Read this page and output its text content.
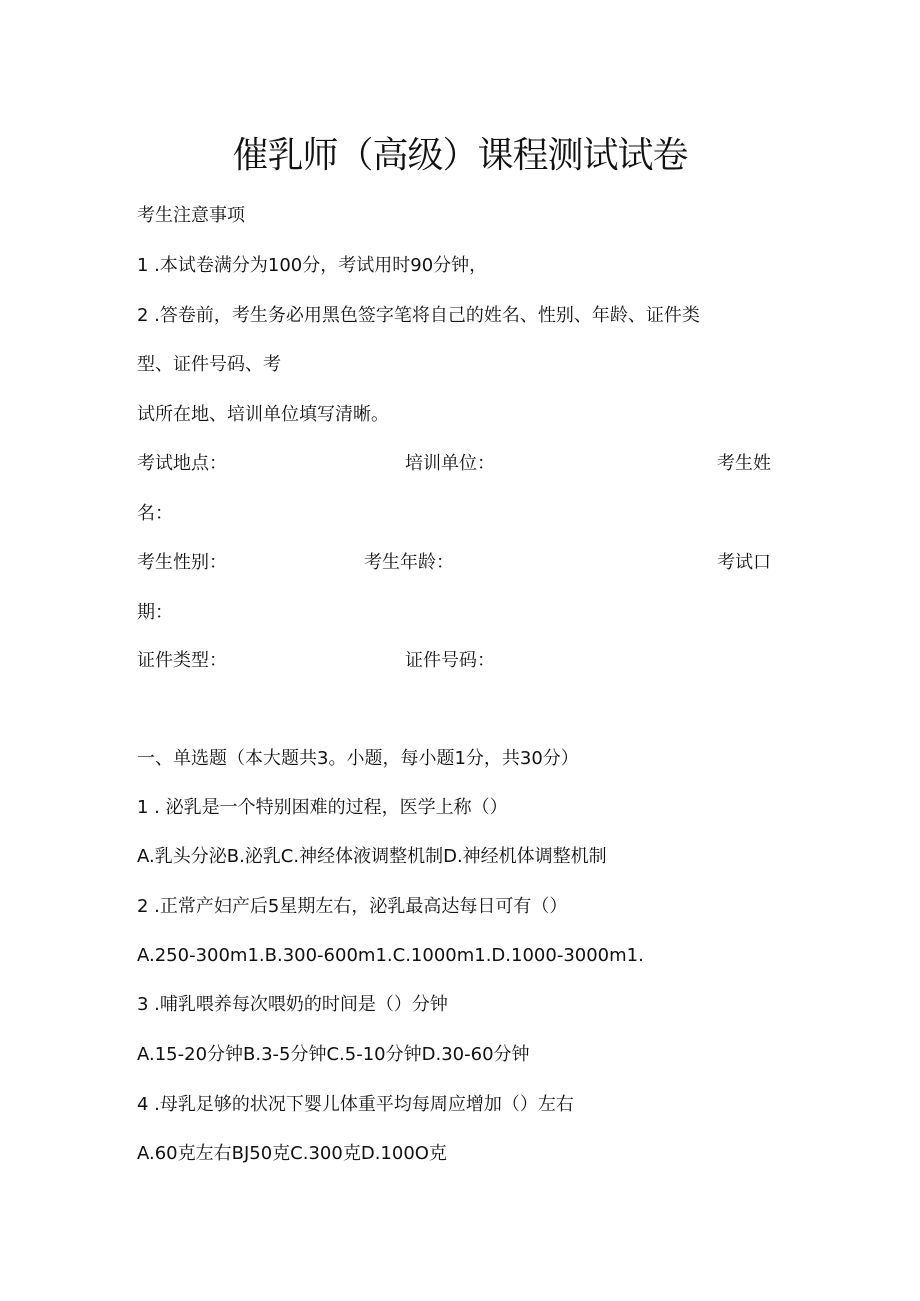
催乳师（高级）课程测试试卷

考生注意事项

1 .本试卷满分为100分，考试用时90分钟，

2 .答卷前，考生务必用黑色签字笔将自己的姓名、性别、年龄、证件类

型、证件号码、考

试所在地、培训单位填写清晰。

考试地点：	培训单位：	考生姓

名：

考生性别：	考生年龄：	考试口

期：

证件类型：	证件号码：

一、单选题（本大题共3。小题，每小题1分，共30分）

1 . 泌乳是一个特别困难的过程，医学上称（）

A.乳头分泌B.泌乳C.神经体液调整机制D.神经机体调整机制

2 .正常产妇产后5星期左右，泌乳最高达每日可有（）

A.250-300m1.B.300-600m1.C.1000m1.D.1000-3000m1.

3 .哺乳喂养每次喂奶的时间是（）分钟

A.15-20分钟B.3-5分钟C.5-10分钟D.30-60分钟

4 .母乳足够的状况下婴儿体重平均每周应增加（）左右

A.60克左右BJ50克C.300克D.100O克
